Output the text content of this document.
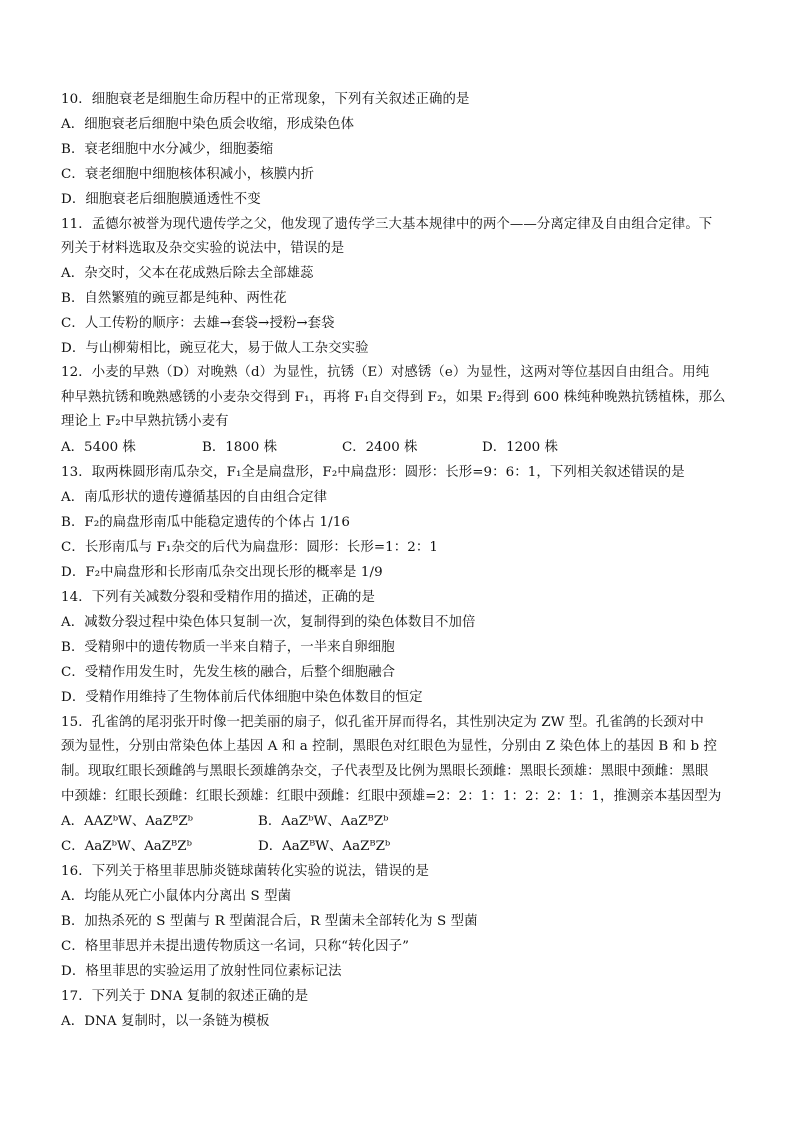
10．细胞衰老是细胞生命历程中的正常现象，下列有关叙述正确的是
A．细胞衰老后细胞中染色质会收缩，形成染色体
B．衰老细胞中水分减少，细胞萎缩
C．衰老细胞中细胞核体积减小，核膜内折
D．细胞衰老后细胞膜通透性不变
11．孟德尔被誉为现代遗传学之父，他发现了遗传学三大基本规律中的两个——分离定律及自由组合定律。下
列关于材料选取及杂交实验的说法中，错误的是
A．杂交时，父本在花成熟后除去全部雄蕊
B．自然繁殖的豌豆都是纯种、两性花
C．人工传粉的顺序：去雄→套袋→授粉→套袋
D．与山柳菊相比，豌豆花大，易于做人工杂交实验
12．小麦的早熟（D）对晚熟（d）为显性，抗锈（E）对感锈（e）为显性，这两对等位基因自由组合。用纯
种早熟抗锈和晚熟感锈的小麦杂交得到 F₁，再将 F₁自交得到 F₂，如果 F₂得到 600 株纯种晚熟抗锈植株，那么
理论上 F₂中早熟抗锈小麦有
A．5400 株	B．1800 株	C．2400 株	D．1200 株
13．取两株圆形南瓜杂交，F₁全是扁盘形，F₂中扁盘形：圆形：长形=9：6：1，下列相关叙述错误的是
A．南瓜形状的遗传遵循基因的自由组合定律
B．F₂的扁盘形南瓜中能稳定遗传的个体占 1/16
C．长形南瓜与 F₁杂交的后代为扁盘形：圆形：长形=1：2：1
D．F₂中扁盘形和长形南瓜杂交出现长形的概率是 1/9
14．下列有关减数分裂和受精作用的描述，正确的是
A．减数分裂过程中染色体只复制一次，复制得到的染色体数目不加倍
B．受精卵中的遗传物质一半来自精子，一半来自卵细胞
C．受精作用发生时，先发生核的融合，后整个细胞融合
D．受精作用维持了生物体前后代体细胞中染色体数目的恒定
15．孔雀鸽的尾羽张开时像一把美丽的扇子，似孔雀开屏而得名，其性别决定为 ZW 型。孔雀鸽的长颈对中
颈为显性，分别由常染色体上基因 A 和 a 控制，黑眼色对红眼色为显性，分别由 Z 染色体上的基因 B 和 b 控
制。现取红眼长颈雌鸽与黑眼长颈雄鸽杂交，子代表型及比例为黑眼长颈雌：黑眼长颈雄：黑眼中颈雌：黑眼
中颈雄：红眼长颈雌：红眼长颈雄：红眼中颈雌：红眼中颈雄=2：2：1：1：2：2：1：1，推测亲本基因型为
A．AAZᵇW、AaZᴮZᵇ	B．AaZᵇW、AaZᴮZᵇ
C．AaZᵇW、AaZᴮZᵇ	D．AaZᴮW、AaZᴮZᵇ
16．下列关于格里菲思肺炎链球菌转化实验的说法，错误的是
A．均能从死亡小鼠体内分离出 S 型菌
B．加热杀死的 S 型菌与 R 型菌混合后，R 型菌未全部转化为 S 型菌
C．格里菲思并未提出遗传物质这一名词，只称“转化因子”
D．格里菲思的实验运用了放射性同位素标记法
17．下列关于 DNA 复制的叙述正确的是
A．DNA 复制时，以一条链为模板
